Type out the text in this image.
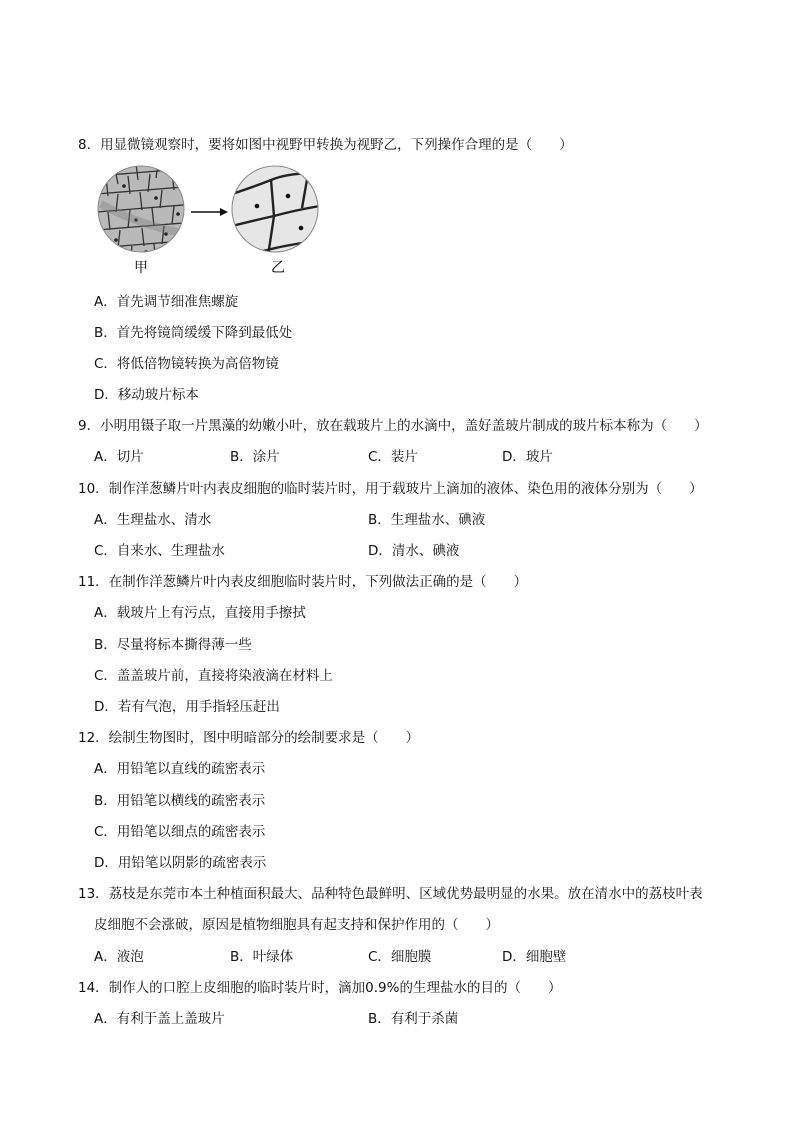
8．用显微镜观察时，要将如图中视野甲转换为视野乙，下列操作合理的是（　　）
甲	乙
A．首先调节细准焦螺旋
B．首先将镜筒缓缓下降到最低处
C．将低倍物镜转换为高倍物镜
D．移动玻片标本
9．小明用镊子取一片黑藻的幼嫩小叶，放在载玻片上的水滴中，盖好盖玻片制成的玻片标本称为（　　）
A．切片	B．涂片	C．装片	D．玻片
10．制作洋葱鳞片叶内表皮细胞的临时装片时，用于载玻片上滴加的液体、染色用的液体分别为（　　）
A．生理盐水、清水	B．生理盐水、碘液
C．自来水、生理盐水	D．清水、碘液
11．在制作洋葱鳞片叶内表皮细胞临时装片时，下列做法正确的是（　　）
A．载玻片上有污点，直接用手擦拭
B．尽量将标本撕得薄一些
C．盖盖玻片前，直接将染液滴在材料上
D．若有气泡，用手指轻压赶出
12．绘制生物图时，图中明暗部分的绘制要求是（　　）
A．用铅笔以直线的疏密表示
B．用铅笔以横线的疏密表示
C．用铅笔以细点的疏密表示
D．用铅笔以阴影的疏密表示
13．荔枝是东莞市本土种植面积最大、品种特色最鲜明、区域优势最明显的水果。放在清水中的荔枝叶表
皮细胞不会涨破，原因是植物细胞具有起支持和保护作用的（　　）
A．液泡	B．叶绿体	C．细胞膜	D．细胞壁
14．制作人的口腔上皮细胞的临时装片时，滴加0.9%的生理盐水的目的（　　）
A．有利于盖上盖玻片	B．有利于杀菌
